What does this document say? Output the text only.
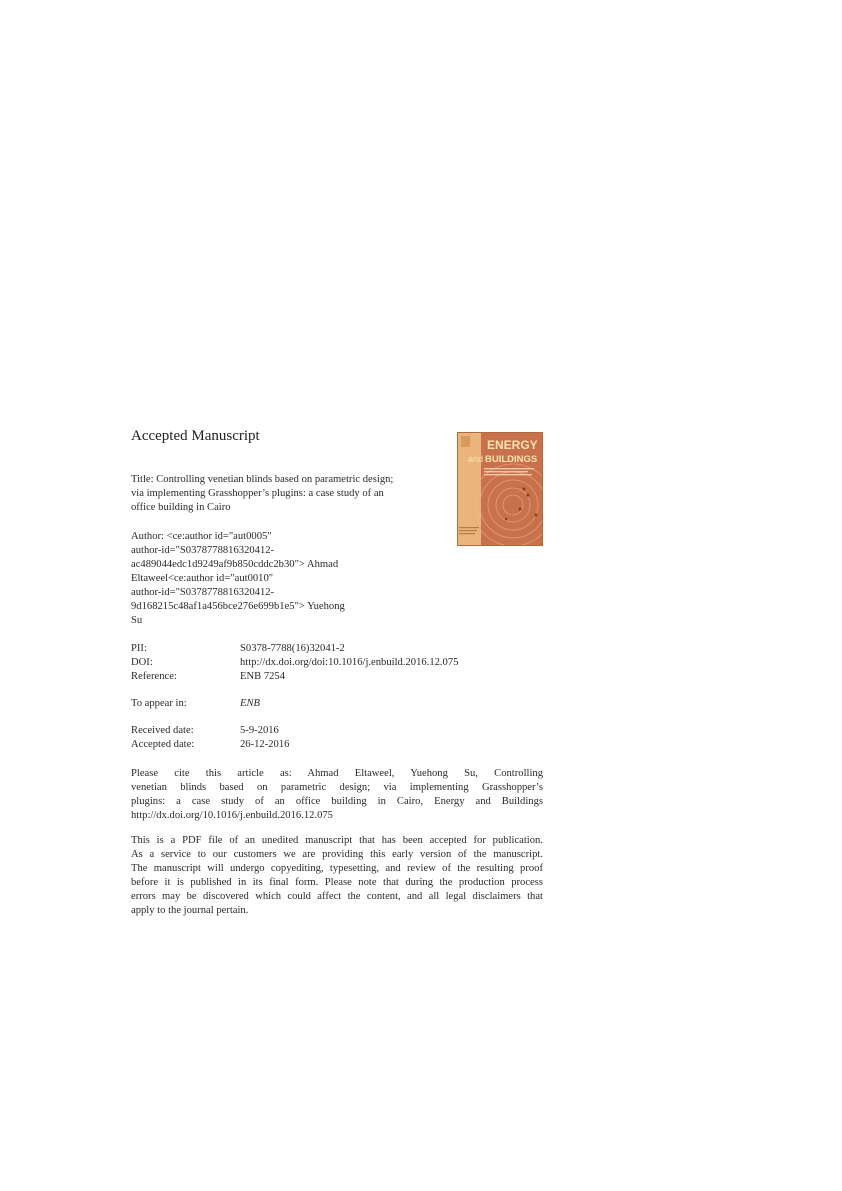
Accepted Manuscript
Title: Controlling venetian blinds based on parametric design;
via implementing Grasshopper’s plugins: a case study of an
office building in Cairo
Author: <ce:author id="aut0005"
author-id="S0378778816320412-
ac489044edc1d9249af9b850cddc2b30"> Ahmad
Eltaweel<ce:author id="aut0010"
author-id="S0378778816320412-
9d168215c48af1a456bce276e699b1e5"> Yuehong
Su
PII:	S0378-7788(16)32041-2
DOI:	http://dx.doi.org/doi:10.1016/j.enbuild.2016.12.075
Reference:	ENB 7254
To appear in:	ENB
Received date:	5-9-2016
Accepted date:	26-12-2016
Please cite this article as: Ahmad Eltaweel, Yuehong Su, Controlling
venetian blinds based on parametric design; via implementing Grasshopper’s
plugins: a case study of an office building in Cairo, Energy and Buildings
http://dx.doi.org/10.1016/j.enbuild.2016.12.075
This is a PDF file of an unedited manuscript that has been accepted for publication.
As a service to our customers we are providing this early version of the manuscript.
The manuscript will undergo copyediting, typesetting, and review of the resulting proof
before it is published in its final form. Please note that during the production process
errors may be discovered which could affect the content, and all legal disclaimers that
apply to the journal pertain.
ENERGY
and BUILDINGS
